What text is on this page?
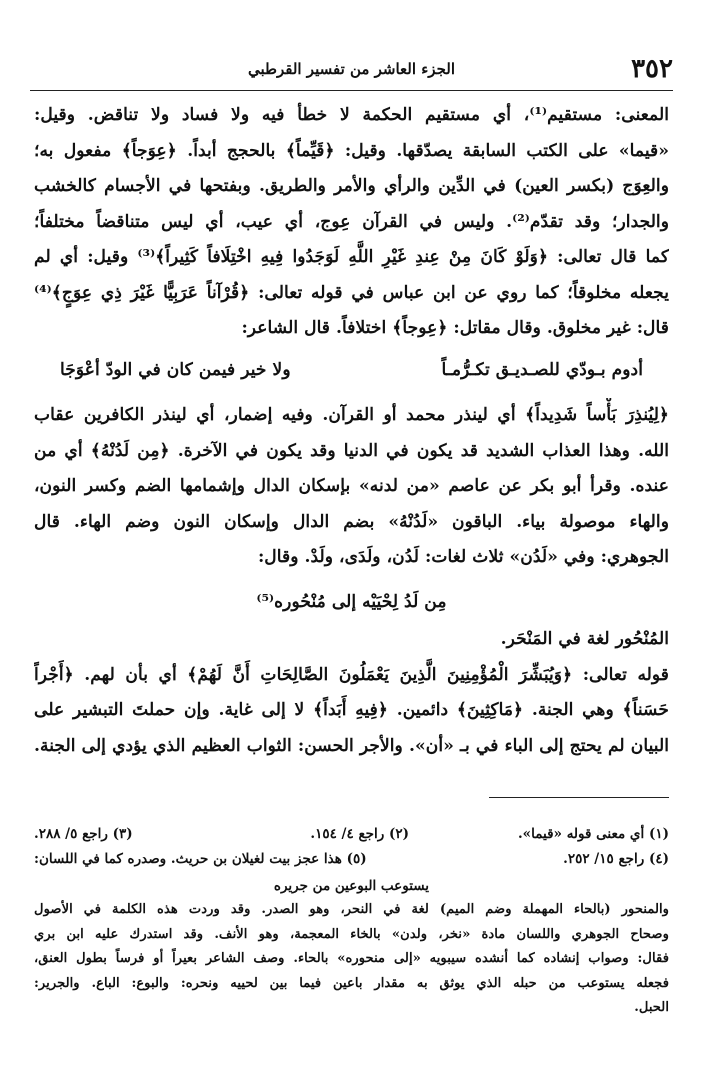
٣٥٢
الجزء العاشر من تفسير القرطبي
المعنى: مستقيم⁽¹⁾، أي مستقيم الحكمة لا خطأ فيه ولا فساد ولا تناقض. وقيل:
«قيما» على الكتب السابقة يصدّقها. وقيل: ﴿قَيِّماً﴾ بالحجج أبداً. ﴿عِوَجاً﴾ مفعول به؛
والعِوَج (بكسر العين) في الدِّين والرأي والأمر والطريق. وبفتحها في الأجسام كالخشب
والجدار؛ وقد تقدّم⁽²⁾. وليس في القرآن عِوج، أي عيب، أي ليس متناقضاً مختلفاً؛
كما قال تعالى: ﴿وَلَوْ كَانَ مِنْ عِندِ غَيْرِ اللَّهِ لَوَجَدُوا فِيهِ اخْتِلَافاً كَثِيراً﴾⁽³⁾ وقيل: أي لم
يجعله مخلوقاً؛ كما روي عن ابن عباس في قوله تعالى: ﴿قُرْآناً عَرَبِيًّا غَيْرَ ذِي عِوَجٍ﴾⁽⁴⁾
قال: غير مخلوق. وقال مقاتل: ﴿عِوجاً﴾ اختلافاً. قال الشاعر:
أدوم بـودّي للصـديـق تكـرُّمـاً
ولا خير فيمن كان في الودّ أعْوَجَا
﴿لِيُنذِرَ بَأْساً شَدِيداً﴾ أي لينذر محمد أو القرآن. وفيه إضمار، أي لينذر الكافرين عقاب
الله. وهذا العذاب الشديد قد يكون في الدنيا وقد يكون في الآخرة. ﴿مِن لَدُنْهُ﴾ أي من
عنده. وقرأ أبو بكر عن عاصم «من لدنه» بإسكان الدال وإشمامها الضم وكسر النون،
والهاء موصولة بياء. الباقون «لَدُنْهُ» بضم الدال وإسكان النون وضم الهاء. قال
الجوهري: وفي «لَدُن» ثلاث لغات: لَدُن، ولَدَى، ولَدْ. وقال:
مِن لَدُ لِحْيَيْه إلى مُنْحُوره⁽⁵⁾
المُنْحُور لغة في المَنْحَر.
قوله تعالى: ﴿وَيُبَشِّرَ الْمُؤْمِنِينَ الَّذِينَ يَعْمَلُونَ الصَّالِحَاتِ أَنَّ لَهُمْ﴾ أي بأن لهم. ﴿أَجْراً
حَسَناً﴾ وهي الجنة. ﴿مَاكِثِينَ﴾ دائمين. ﴿فِيهِ أَبَداً﴾ لا إلى غاية. وإن حملتَ التبشير على
البيان لم يحتج إلى الباء في بـ «أن». والأجر الحسن: الثواب العظيم الذي يؤدي إلى الجنة.
(١) أي معنى قوله «قيما».
(٢) راجع ٤/ ١٥٤.
(٣) راجع ٥/ ٢٨٨.
(٤) راجع ١٥/ ٢٥٢.
(٥) هذا عجز بيت لغيلان بن حريث. وصدره كما في اللسان:
يستوعب البوعين من جريره
والمنحور (بالحاء المهملة وضم الميم) لغة في النحر، وهو الصدر. وقد وردت هذه الكلمة في الأصول
وصحاح الجوهري واللسان مادة «نخر، ولدن» بالخاء المعجمة، وهو الأنف. وقد استدرك عليه ابن بري
فقال: وصواب إنشاده كما أنشده سيبويه «إلى منحوره» بالحاء. وصف الشاعر بعيراً أو فرساً بطول العنق،
فجعله يستوعب من حبله الذي يوثق به مقدار باعين فيما بين لحييه ونحره: والبوع: الباع. والجرير:
الحبل.
